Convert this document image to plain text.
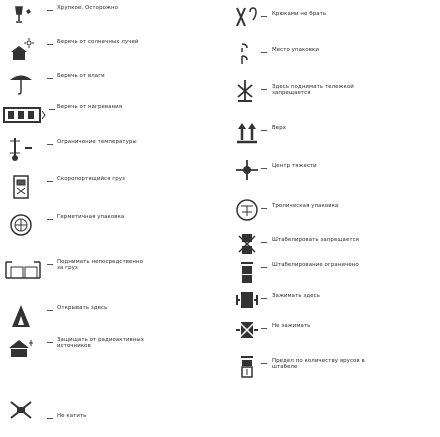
Хрупкое. Осторожно
Беречь от солнечных лучей
Беречь от влаги
Беречь от нагревания
Ограничение температуры
Скоропортящийся груз
Герметичная упаковка
Поднимать непосредственно
за груз
Открывать здесь
Защищать от радиоактивных
источников
Не катить
Крюками не брать
Место упаковки
Здесь поднимать тележкой
запрещается
Верх
Центр тяжести
Тропическая упаковка
Штабелировать запрещается
Штабелирование ограничено
Зажимать здесь
Не зажимать
Предел по количеству ярусов в
штабеле
